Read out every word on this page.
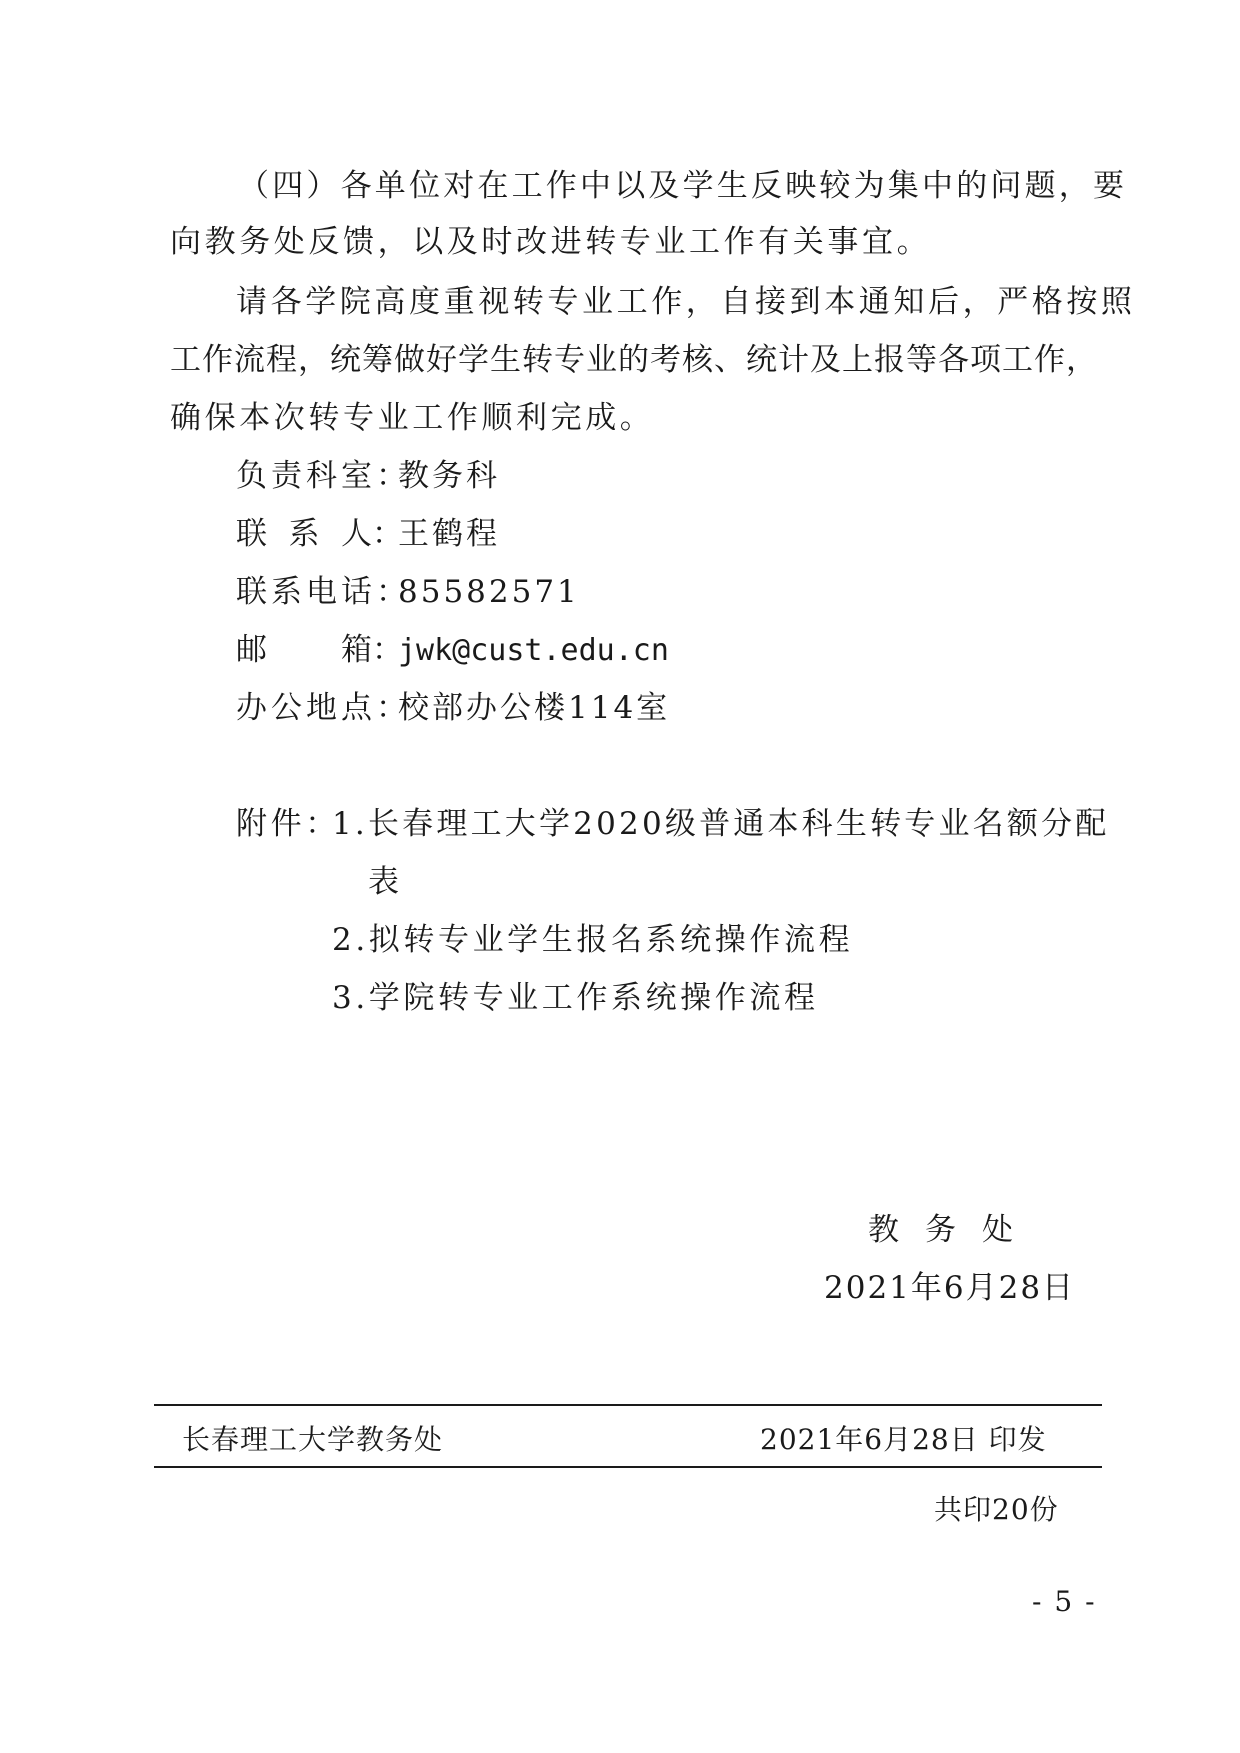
（四）各单位对在工作中以及学生反映较为集中的问题，要
向教务处反馈，以及时改进转专业工作有关事宜。
请各学院高度重视转专业工作，自接到本通知后，严格按照
工作流程，统筹做好学生转专业的考核、统计及上报等各项工作，
确保本次转专业工作顺利完成。
负责科室：教务科
联系人 ：
王鹤程
联系电话：85582571
邮箱 ：
jwk@cust.edu.cn
办公地点：校部办公楼114室
附件：
1.长春理工大学2020级普通本科生转专业名额分配
表
2.拟转专业学生报名系统操作流程
3.学院转专业工作系统操作流程
教务处
2021年6月28日
长春理工大学教务处	2021年6月28日 印发
共印20份
- 5 -
